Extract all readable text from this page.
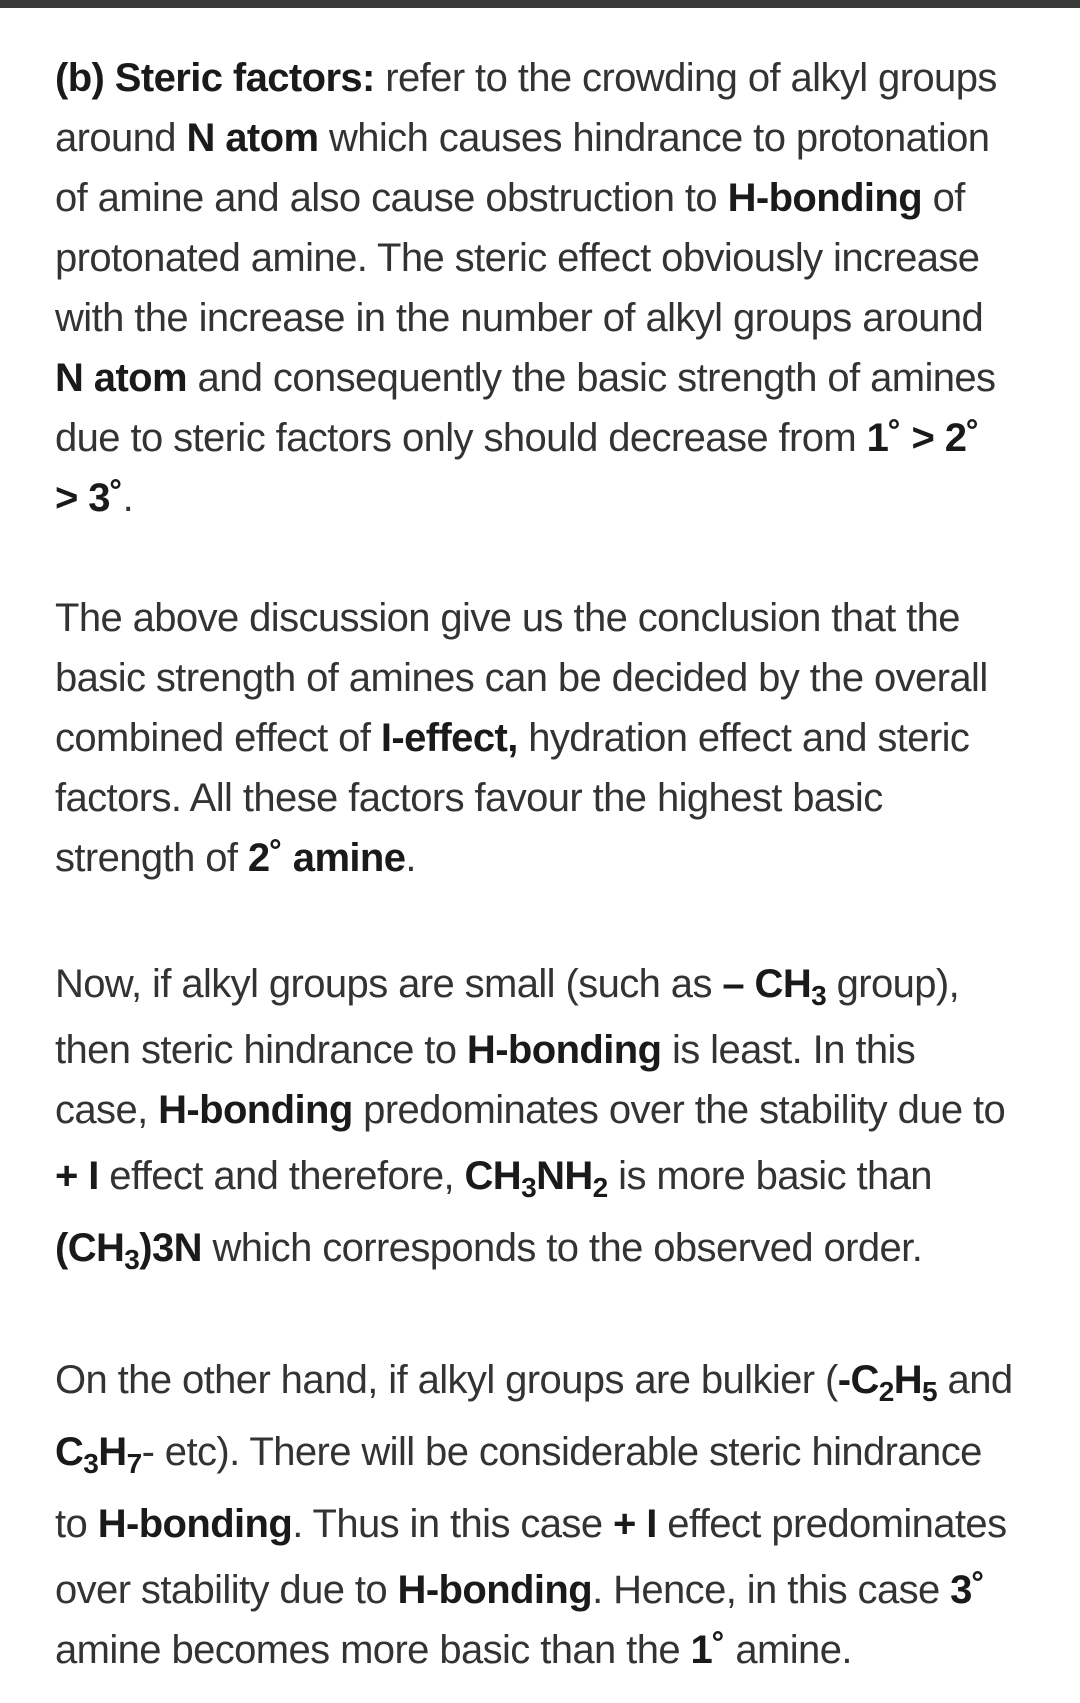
(b) Steric factors: refer to the crowding of alkyl groups
around N atom which causes hindrance to protonation
of amine and also cause obstruction to H-bonding of
protonated amine. The steric effect obviously increase
with the increase in the number of alkyl groups around
N atom and consequently the basic strength of amines
due to steric factors only should decrease from 1˚ > 2˚
> 3˚.
The above discussion give us the conclusion that the
basic strength of amines can be decided by the overall
combined effect of I-effect, hydration effect and steric
factors. All these factors favour the highest basic
strength of 2˚ amine.
Now, if alkyl groups are small (such as – $CH_3$ group),
then steric hindrance to H-bonding is least. In this
case, H-bonding predominates over the stability due to
+ I effect and therefore, $CH_3NH_2$ is more basic than
$(CH_3)3N$ which corresponds to the observed order.
On the other hand, if alkyl groups are bulkier ($-C_2H_5$ and
$C_3H_7-$ etc). There will be considerable steric hindrance
to H-bonding. Thus in this case + I effect predominates
over stability due to H-bonding. Hence, in this case 3˚
amine becomes more basic than the 1˚ amine.
